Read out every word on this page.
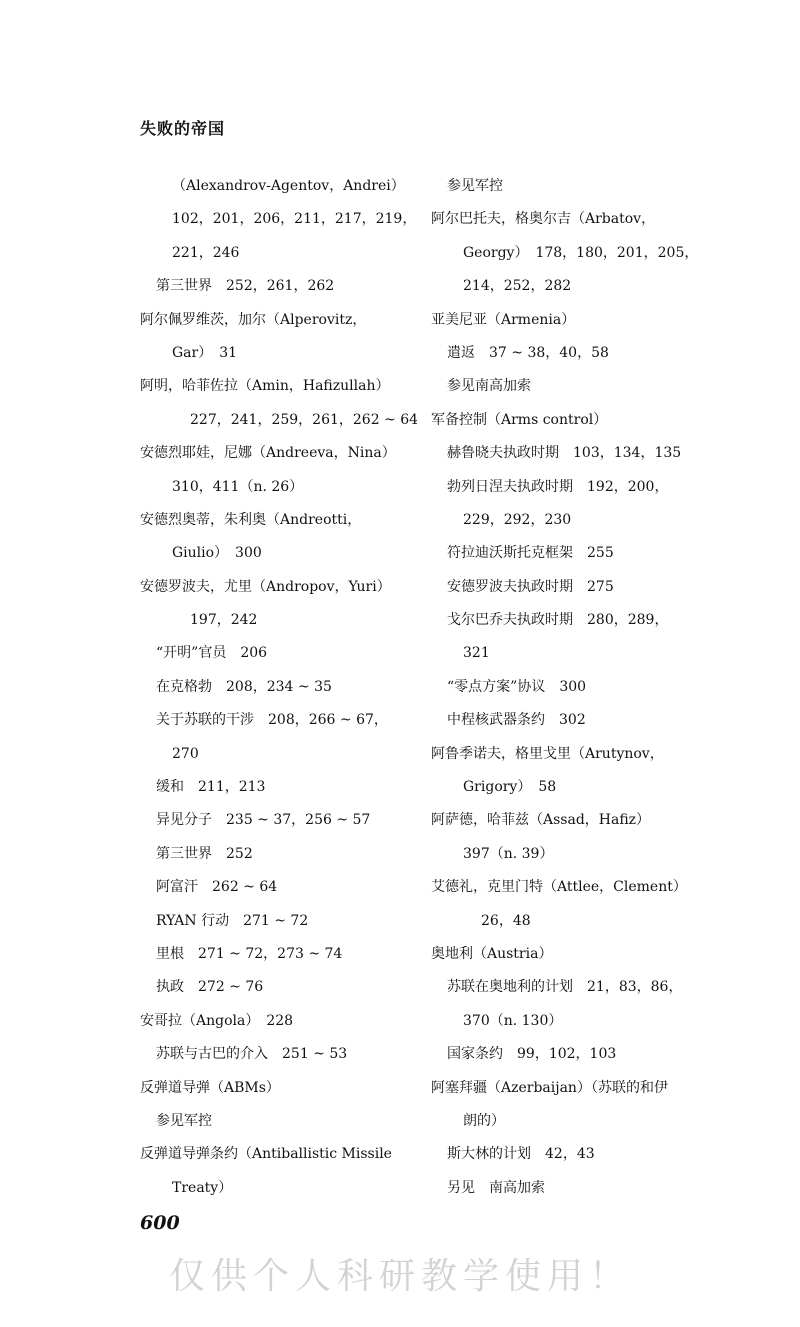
失败的帝国
（Alexandrov-Agentov，Andrei）
102，201，206，211，217，219，
221，246
第三世界　252，261，262
阿尔佩罗维茨，加尔（Alperovitz，
Gar）　31
阿明，哈菲佐拉（Amin，Hafizullah）
227，241，259，261，262 ~ 64
安德烈耶娃，尼娜（Andreeva，Nina）
310，411（n. 26）
安德烈奥蒂，朱利奥（Andreotti，
Giulio）　300
安德罗波夫，尤里（Andropov，Yuri）
197，242
“开明”官员　206
在克格勃　208，234 ~ 35
关于苏联的干涉　208，266 ~ 67，
270
缓和　211，213
异见分子　235 ~ 37，256 ~ 57
第三世界　252
阿富汗　262 ~ 64
RYAN 行动　271 ~ 72
里根　271 ~ 72，273 ~ 74
执政　272 ~ 76
安哥拉（Angola）　228
苏联与古巴的介入　251 ~ 53
反弹道导弹（ABMs）
参见军控
反弹道导弹条约（Antiballistic Missile
Treaty）
参见军控
阿尔巴托夫，格奥尔吉（Arbatov，
Georgy）　178，180，201，205，
214，252，282
亚美尼亚（Armenia）
遣返　37 ~ 38，40，58
参见南高加索
军备控制（Arms control）
赫鲁晓夫执政时期　103，134，135
勃列日涅夫执政时期　192，200，
229，292，230
符拉迪沃斯托克框架　255
安德罗波夫执政时期　275
戈尔巴乔夫执政时期　280，289，
321
“零点方案”协议　300
中程核武器条约　302
阿鲁季诺夫，格里戈里（Arutynov，
Grigory）　58
阿萨德，哈菲兹（Assad，Hafiz）
397（n. 39）
艾德礼，克里门特（Attlee，Clement）
26，48
奥地利（Austria）
苏联在奥地利的计划　21，83，86，
370（n. 130）
国家条约　99，102，103
阿塞拜疆（Azerbaijan）（苏联的和伊
朗的）
斯大林的计划　42，43
另见　南高加索
600
仅供个人科研教学使用！
